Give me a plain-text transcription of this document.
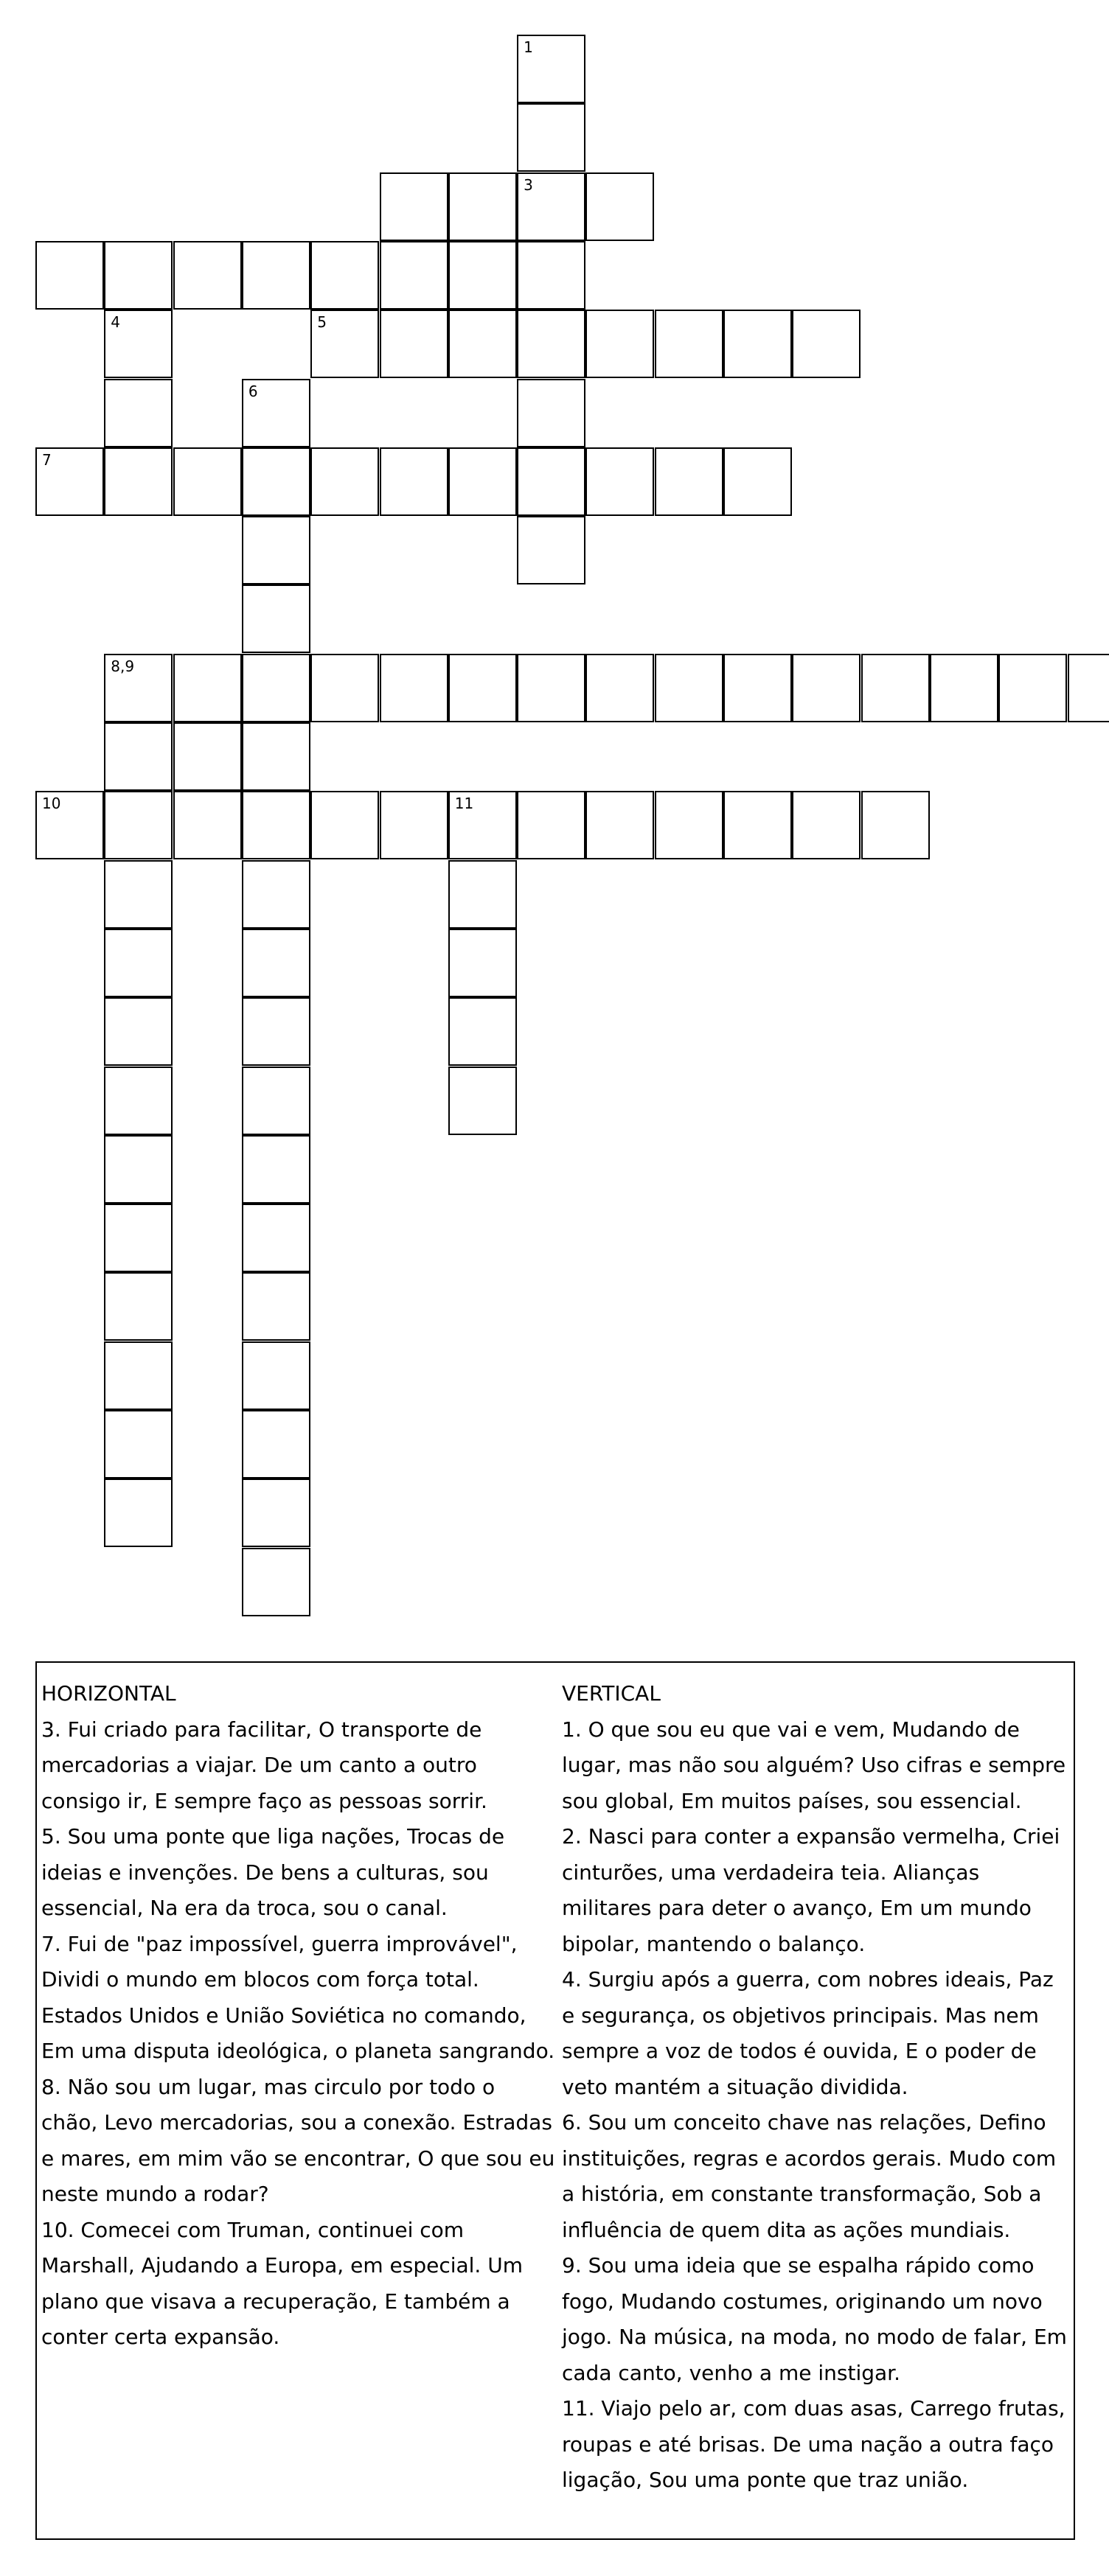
1
3
5
4
6
7
8,9
10	11
HORIZONTAL
3. Fui criado para facilitar, O transporte de mercadorias a viajar. De um canto a outro consigo ir, E sempre faço as pessoas sorrir.
5. Sou uma ponte que liga nações, Trocas de ideias e invenções. De bens a culturas, sou essencial, Na era da troca, sou o canal.
7. Fui de "paz impossível, guerra improvável", Dividi o mundo em blocos com força total. Estados Unidos e União Soviética no comando, Em uma disputa ideológica, o planeta sangrando.
8. Não sou um lugar, mas circulo por todo o chão, Levo mercadorias, sou a conexão. Estradas e mares, em mim vão se encontrar, O que sou eu neste mundo a rodar?
10. Comecei com Truman, continuei com Marshall, Ajudando a Europa, em especial. Um plano que visava a recuperação, E também a conter certa expansão.
VERTICAL
1. O que sou eu que vai e vem, Mudando de lugar, mas não sou alguém? Uso cifras e sempre sou global, Em muitos países, sou essencial.
2. Nasci para conter a expansão vermelha, Criei cinturões, uma verdadeira teia. Alianças militares para deter o avanço, Em um mundo bipolar, mantendo o balanço.
4. Surgiu após a guerra, com nobres ideais, Paz e segurança, os objetivos principais. Mas nem sempre a voz de todos é ouvida, E o poder de veto mantém a situação dividida.
6. Sou um conceito chave nas relações, Defino instituições, regras e acordos gerais. Mudo com a história, em constante transformação, Sob a influência de quem dita as ações mundiais.
9. Sou uma ideia que se espalha rápido como fogo, Mudando costumes, originando um novo jogo. Na música, na moda, no modo de falar, Em cada canto, venho a me instigar.
11. Viajo pelo ar, com duas asas, Carrego frutas, roupas e até brisas. De uma nação a outra faço ligação, Sou uma ponte que traz união.
